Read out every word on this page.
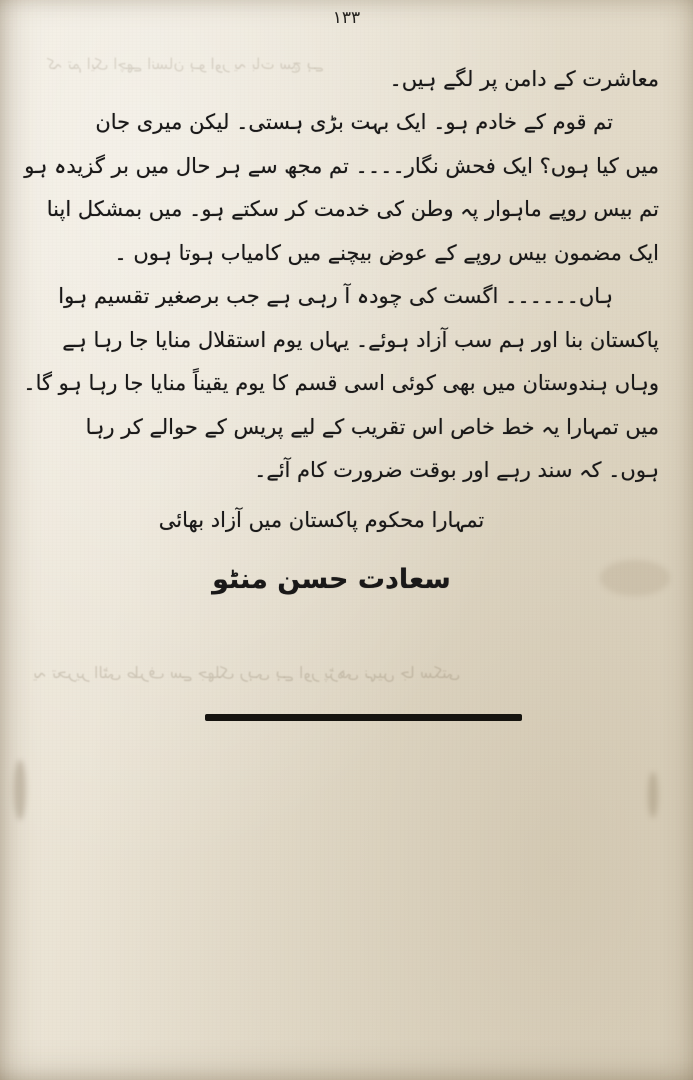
کہ تم ایک اچھے انسان ہو اور یہ بات سچ ہے
یہ تحریر الٹی طرف سے جھلک رہی ہے اور پڑھی نہیں جا سکتی
۱۳۳
معاشرت کے دامن پر لگے ہیں۔
تم قوم کے خادم ہو۔ ایک بہت بڑی ہستی۔ لیکن میری جان
میں کیا ہوں؟ ایک فحش نگار۔۔۔۔ تم مجھ سے ہر حال میں بر گزیدہ ہو
تم بیس روپے ماہوار پہ وطن کی خدمت کر سکتے ہو۔ میں بمشکل اپنا
ایک مضمون بیس روپے کے عوض بیچنے میں کامیاب ہوتا ہوں ۔
ہاں۔۔۔۔۔۔ اگست کی چودہ آ رہی ہے جب برصغیر تقسیم ہوا
پاکستان بنا اور ہم سب آزاد ہوئے۔ یہاں یوم استقلال منایا جا رہا ہے
وہاں ہندوستان میں بھی کوئی اسی قسم کا یوم یقیناً منایا جا رہا ہو گا۔
میں تمہارا یہ خط خاص اس تقریب کے لیے پریس کے حوالے کر رہا
ہوں۔ کہ سند رہے اور بوقت ضرورت کام آئے۔
تمہارا محکوم پاکستان میں آزاد بھائی
سعادت حسن منٹو
